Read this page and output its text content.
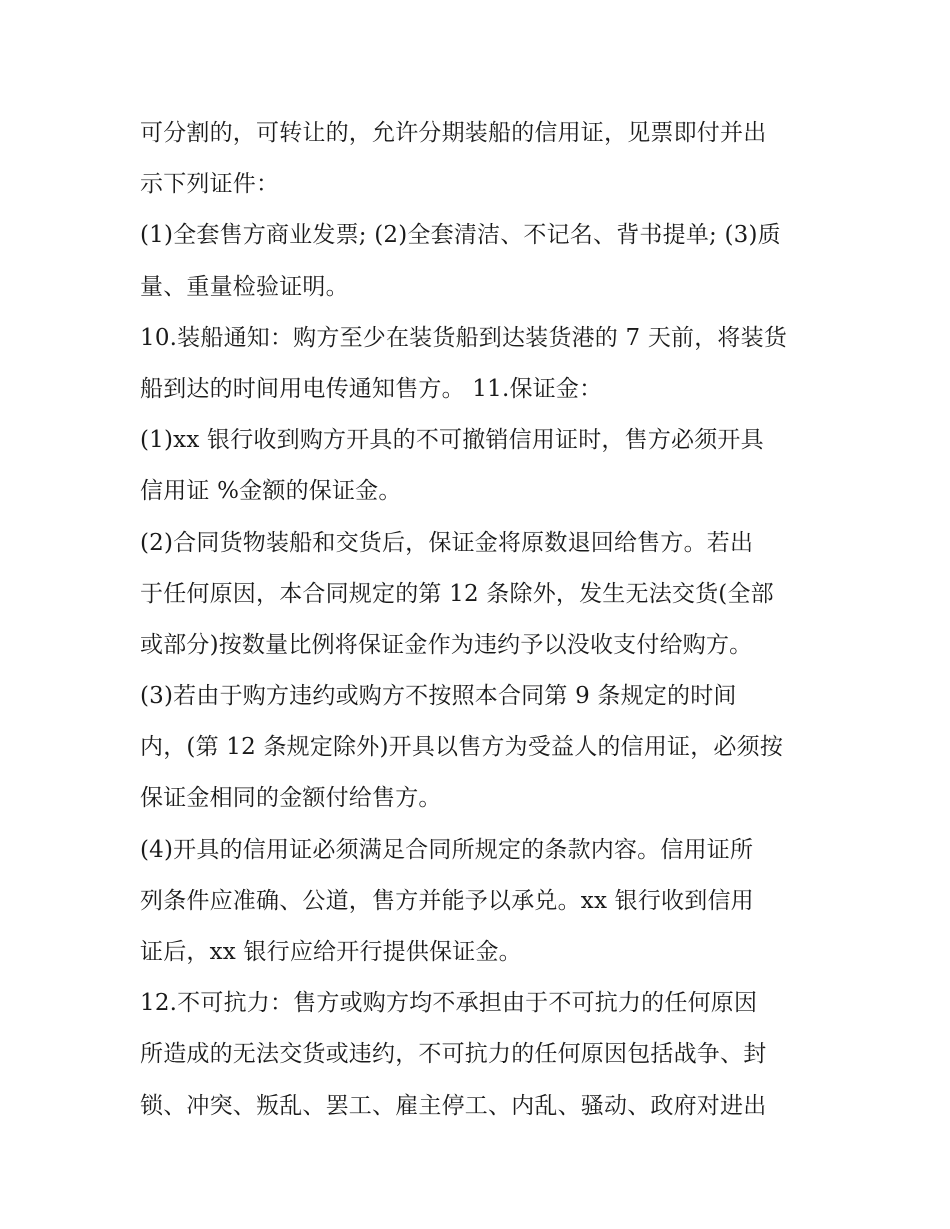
可分割的，可转让的，允许分期装船的信用证，见票即付并出
示下列证件：
(1)全套售方商业发票; (2)全套清洁、不记名、背书提单; (3)质
量、重量检验证明。
10.装船通知：购方至少在装货船到达装货港的 7 天前，将装货
船到达的时间用电传通知售方。 11.保证金：
(1)xx 银行收到购方开具的不可撤销信用证时，售方必须开具
信用证 %金额的保证金。
(2)合同货物装船和交货后，保证金将原数退回给售方。若出
于任何原因，本合同规定的第 12 条除外，发生无法交货(全部
或部分)按数量比例将保证金作为违约予以没收支付给购方。
(3)若由于购方违约或购方不按照本合同第 9 条规定的时间
内，(第 12 条规定除外)开具以售方为受益人的信用证，必须按
保证金相同的金额付给售方。
(4)开具的信用证必须满足合同所规定的条款内容。信用证所
列条件应准确、公道，售方并能予以承兑。xx 银行收到信用
证后，xx 银行应给开行提供保证金。
12.不可抗力：售方或购方均不承担由于不可抗力的任何原因
所造成的无法交货或违约，不可抗力的任何原因包括战争、封
锁、冲突、叛乱、罢工、雇主停工、内乱、骚动、政府对进出
